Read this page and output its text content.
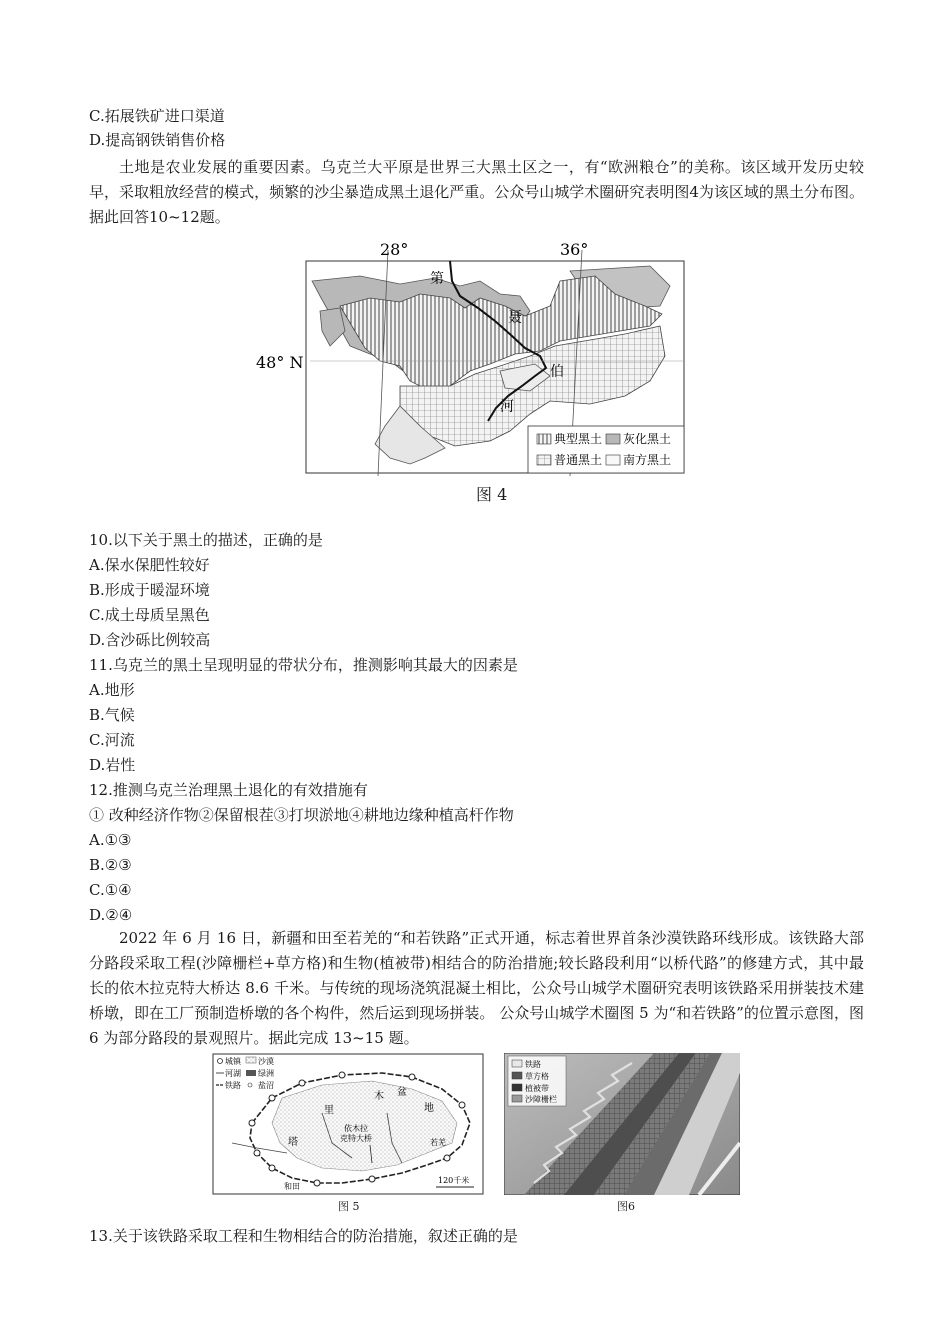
C.拓展铁矿进口渠道
D.提高钢铁销售价格
土地是农业发展的重要因素。乌克兰大平原是世界三大黑土区之一，有“欧洲粮仓”的美称。该区域开发历史较早，采取粗放经营的模式，频繁的沙尘暴造成黑土退化严重。公众号山城学术圈研究表明图4为该区域的黑土分布图。据此回答10~12题。
28°	36°
48° N
第
聂
伯
河
典型黑土 灰化黑土
普通黑土 南方黑土
图 4
10.以下关于黑土的描述，正确的是
A.保水保肥性较好
B.形成于暖湿环境
C.成土母质呈黑色
D.含沙砾比例较高
11.乌克兰的黑土呈现明显的带状分布，推测影响其最大的因素是
A.地形
B.气候
C.河流
D.岩性
12.推测乌克兰治理黑土退化的有效措施有
① 改种经济作物②保留根茬③打坝淤地④耕地边缘种植高杆作物
A.①③
B.②③
C.①④
D.②④
2022 年 6 月 16 日，新疆和田至若羌的“和若铁路”正式开通，标志着世界首条沙漠铁路环线形成。该铁路大部分路段采取工程(沙障栅栏+草方格)和生物(植被带)相结合的防治措施;较长路段利用“以桥代路”的修建方式，其中最长的依木拉克特大桥达 8.6 千米。与传统的现场浇筑混凝土相比，公众号山城学术圈研究表明该铁路采用拼装技术建桥墩，即在工厂预制造桥墩的各个构件，然后运到现场拼装。 公众号山城学术圈图 5 为“和若铁路”的位置示意图，图 6 为部分路段的景观照片。据此完成 13~15 题。
城镇 沙漠
河湖 绿洲
铁路 盐沼
里
木 盆
地
塔
依木拉
克特大桥	若羌
和田
120千米
图 5
铁路
草方格
植被带
沙障栅栏
图6
13.关于该铁路采取工程和生物相结合的防治措施，叙述正确的是
